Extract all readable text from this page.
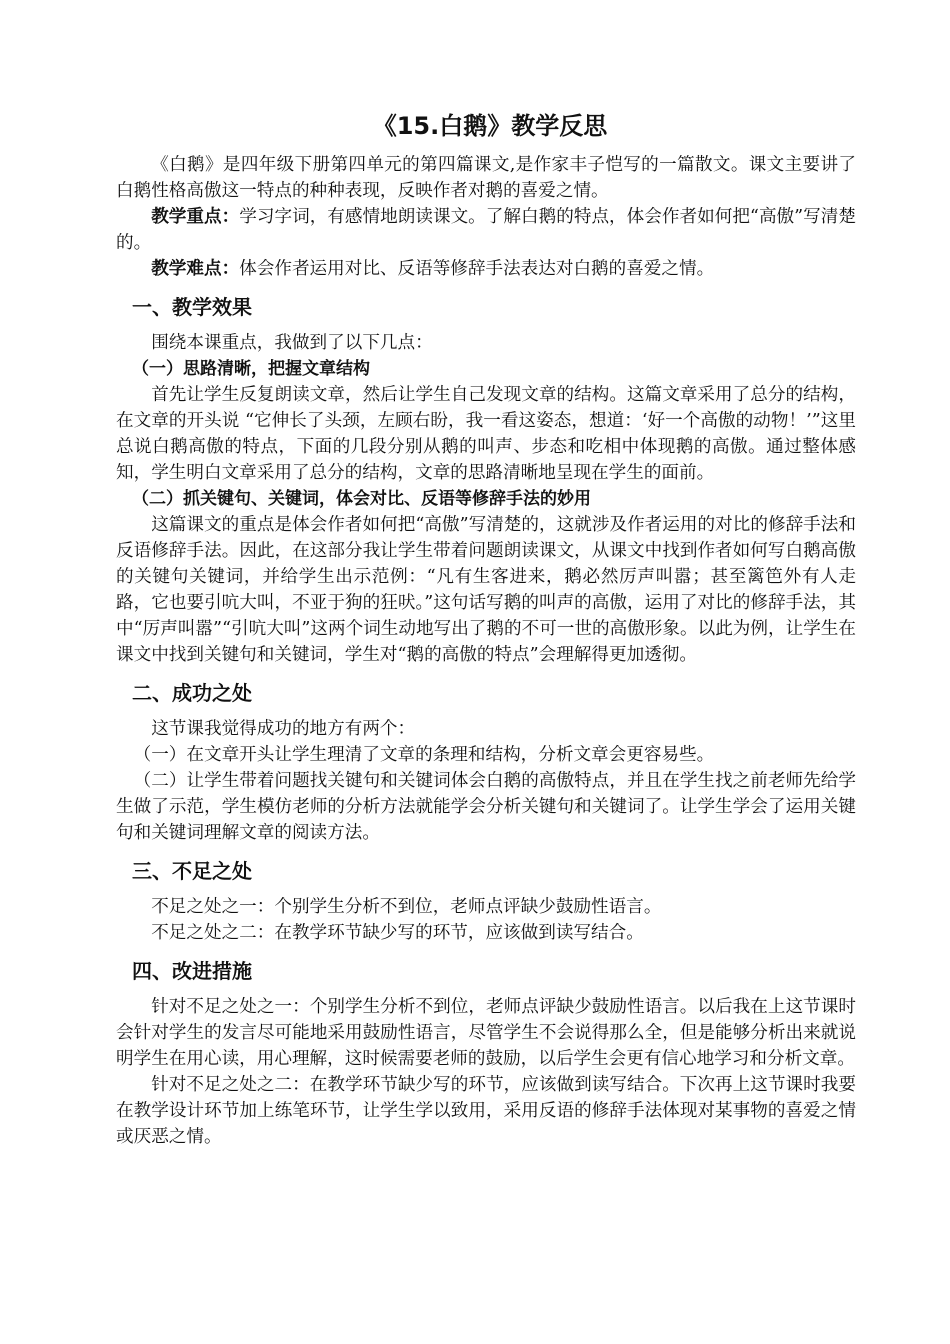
《15.白鹅》教学反思

《白鹅》是四年级下册第四单元的第四篇课文,是作家丰子恺写的一篇散文。课文主要讲了白鹅性格高傲这一特点的种种表现，反映作者对鹅的喜爱之情。

教学重点：学习字词，有感情地朗读课文。了解白鹅的特点，体会作者如何把“高傲”写清楚的。

教学难点：体会作者运用对比、反语等修辞手法表达对白鹅的喜爱之情。

一、教学效果

围绕本课重点，我做到了以下几点：

（一）思路清晰，把握文章结构

首先让学生反复朗读文章，然后让学生自己发现文章的结构。这篇文章采用了总分的结构，在文章的开头说 “它伸长了头颈，左顾右盼，我一看这姿态，想道：‘好一个高傲的动物！’”这里总说白鹅高傲的特点，下面的几段分别从鹅的叫声、步态和吃相中体现鹅的高傲。通过整体感知，学生明白文章采用了总分的结构，文章的思路清晰地呈现在学生的面前。

（二）抓关键句、关键词，体会对比、反语等修辞手法的妙用

这篇课文的重点是体会作者如何把“高傲”写清楚的，这就涉及作者运用的对比的修辞手法和反语修辞手法。因此，在这部分我让学生带着问题朗读课文，从课文中找到作者如何写白鹅高傲的关键句关键词，并给学生出示范例：“凡有生客进来，鹅必然厉声叫嚣；甚至篱笆外有人走路，它也要引吭大叫，不亚于狗的狂吠。”这句话写鹅的叫声的高傲，运用了对比的修辞手法，其中“厉声叫嚣”“引吭大叫”这两个词生动地写出了鹅的不可一世的高傲形象。以此为例，让学生在课文中找到关键句和关键词，学生对“鹅的高傲的特点”会理解得更加透彻。

二、成功之处

这节课我觉得成功的地方有两个：

（一）在文章开头让学生理清了文章的条理和结构，分析文章会更容易些。

（二）让学生带着问题找关键句和关键词体会白鹅的高傲特点，并且在学生找之前老师先给学生做了示范，学生模仿老师的分析方法就能学会分析关键句和关键词了。让学生学会了运用关键句和关键词理解文章的阅读方法。

三、不足之处

不足之处之一：个别学生分析不到位，老师点评缺少鼓励性语言。

不足之处之二：在教学环节缺少写的环节，应该做到读写结合。

四、改进措施

针对不足之处之一：个别学生分析不到位，老师点评缺少鼓励性语言。以后我在上这节课时会针对学生的发言尽可能地采用鼓励性语言，尽管学生不会说得那么全，但是能够分析出来就说明学生在用心读，用心理解，这时候需要老师的鼓励，以后学生会更有信心地学习和分析文章。

针对不足之处之二：在教学环节缺少写的环节，应该做到读写结合。下次再上这节课时我要在教学设计环节加上练笔环节，让学生学以致用，采用反语的修辞手法体现对某事物的喜爱之情或厌恶之情。
